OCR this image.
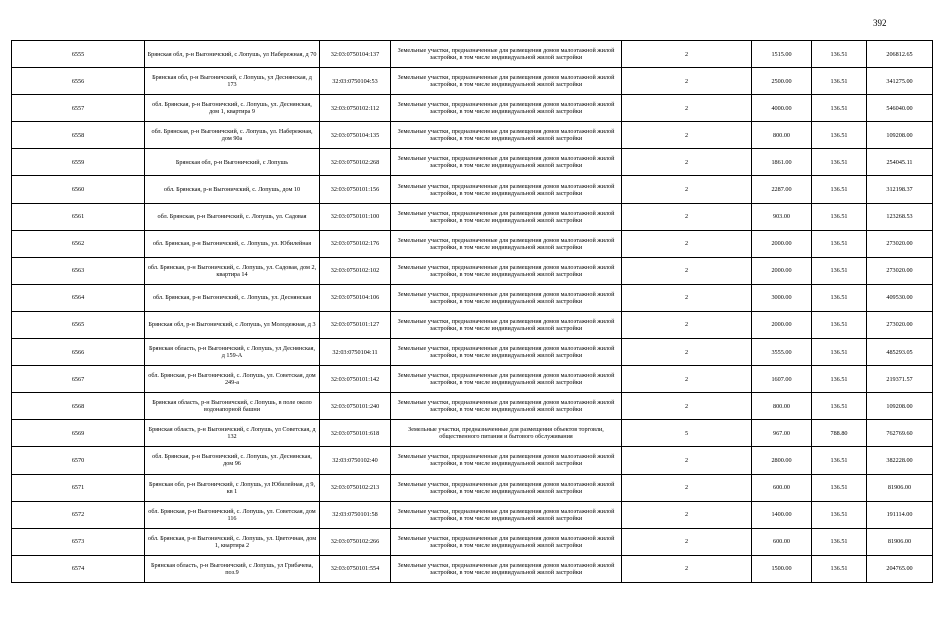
392
6555	Брянская обл, р-н Выгоничский, с Лопушь, ул Набережная, д 70	32:03:0750104:137	Земельные участки, предназначенные для размещения домов малоэтажной жилой застройки, в том числе индивидуальной жилой застройки	2	1515.00	136.51	206812.65
6556	Брянская обл, р-н Выгоничский, с Лопушь, ул Деснянская, д 173	32:03:0750104:53	Земельные участки, предназначенные для размещения домов малоэтажной жилой застройки, в том числе индивидуальной жилой застройки	2	2500.00	136.51	341275.00
6557	обл. Брянская, р-н Выгоничский, с. Лопушь, ул. Деснянская, дом 1, квартира 9	32:03:0750102:112	Земельные участки, предназначенные для размещения домов малоэтажной жилой застройки, в том числе индивидуальной жилой застройки	2	4000.00	136.51	546040.00
6558	обл. Брянская, р-н Выгоничский, с. Лопушь, ул. Набережная, дом 90а	32:03:0750104:135	Земельные участки, предназначенные для размещения домов малоэтажной жилой застройки, в том числе индивидуальной жилой застройки	2	800.00	136.51	109208.00
6559	Брянская обл, р-н Выгоничский, с Лопушь	32:03:0750102:268	Земельные участки, предназначенные для размещения домов малоэтажной жилой застройки, в том числе индивидуальной жилой застройки	2	1861.00	136.51	254045.11
6560	обл. Брянская, р-н Выгоничский, с. Лопушь, дом 10	32:03:0750101:156	Земельные участки, предназначенные для размещения домов малоэтажной жилой застройки, в том числе индивидуальной жилой застройки	2	2287.00	136.51	312198.37
6561	обл. Брянская, р-н Выгоничский, с. Лопушь, ул. Садовая	32:03:0750101:100	Земельные участки, предназначенные для размещения домов малоэтажной жилой застройки, в том числе индивидуальной жилой застройки	2	903.00	136.51	123268.53
6562	обл. Брянская, р-н Выгоничский, с. Лопушь, ул. Юбилейная	32:03:0750102:176	Земельные участки, предназначенные для размещения домов малоэтажной жилой застройки, в том числе индивидуальной жилой застройки	2	2000.00	136.51	273020.00
6563	обл. Брянская, р-н Выгоничский, с. Лопушь, ул. Садовая, дом 2, квартира 14	32:03:0750102:102	Земельные участки, предназначенные для размещения домов малоэтажной жилой застройки, в том числе индивидуальной жилой застройки	2	2000.00	136.51	273020.00
6564	обл. Брянская, р-н Выгоничский, с. Лопушь, ул. Деснянская	32:03:0750104:106	Земельные участки, предназначенные для размещения домов малоэтажной жилой застройки, в том числе индивидуальной жилой застройки	2	3000.00	136.51	409530.00
6565	Брянская обл, р-н Выгоничский, с Лопушь, ул Молодежная, д 3	32:03:0750101:127	Земельные участки, предназначенные для размещения домов малоэтажной жилой застройки, в том числе индивидуальной жилой застройки	2	2000.00	136.51	273020.00
6566	Брянская область, р-н Выгоничский, с Лопушь, ул Деснянская, д 159-А	32:03:0750104:11	Земельные участки, предназначенные для размещения домов малоэтажной жилой застройки, в том числе индивидуальной жилой застройки	2	3555.00	136.51	485293.05
6567	обл. Брянская, р-н Выгоничский, с. Лопушь, ул. Советская, дом 249-а	32:03:0750101:142	Земельные участки, предназначенные для размещения домов малоэтажной жилой застройки, в том числе индивидуальной жилой застройки	2	1607.00	136.51	219371.57
6568	Брянская область, р-н Выгоничский, с Лопушь, в поле около водонапорной башни	32:03:0750101:240	Земельные участки, предназначенные для размещения домов малоэтажной жилой застройки, в том числе индивидуальной жилой застройки	2	800.00	136.51	109208.00
6569	Брянская область, р-н Выгоничский, с Лопушь, ул Советская, д 132	32:03:0750101:618	Земельные участки, предназначенные для размещения объектов торговли, общественного питания и бытового обслуживания	5	967.00	788.80	762769.60
6570	обл. Брянская, р-н Выгоничский, с. Лопушь, ул. Деснянская, дом 96	32:03:0750102:40	Земельные участки, предназначенные для размещения домов малоэтажной жилой застройки, в том числе индивидуальной жилой застройки	2	2800.00	136.51	382228.00
6571	Брянская обл, р-н Выгоничский, с Лопушь, ул Юбилейная, д 9, кв 1	32:03:0750102:213	Земельные участки, предназначенные для размещения домов малоэтажной жилой застройки, в том числе индивидуальной жилой застройки	2	600.00	136.51	81906.00
6572	обл. Брянская, р-н Выгоничский, с. Лопушь, ул. Советская, дом 116	32:03:0750101:58	Земельные участки, предназначенные для размещения домов малоэтажной жилой застройки, в том числе индивидуальной жилой застройки	2	1400.00	136.51	191114.00
6573	обл. Брянская, р-н Выгоничский, с. Лопушь, ул. Цветочная, дом 1, квартира 2	32:03:0750102:266	Земельные участки, предназначенные для размещения домов малоэтажной жилой застройки, в том числе индивидуальной жилой застройки	2	600.00	136.51	81906.00
6574	Брянская область, р-н Выгоничский, с Лопушь, ул Грибачева, поз.9	32:03:0750101:554	Земельные участки, предназначенные для размещения домов малоэтажной жилой застройки, в том числе индивидуальной жилой застройки	2	1500.00	136.51	204765.00
